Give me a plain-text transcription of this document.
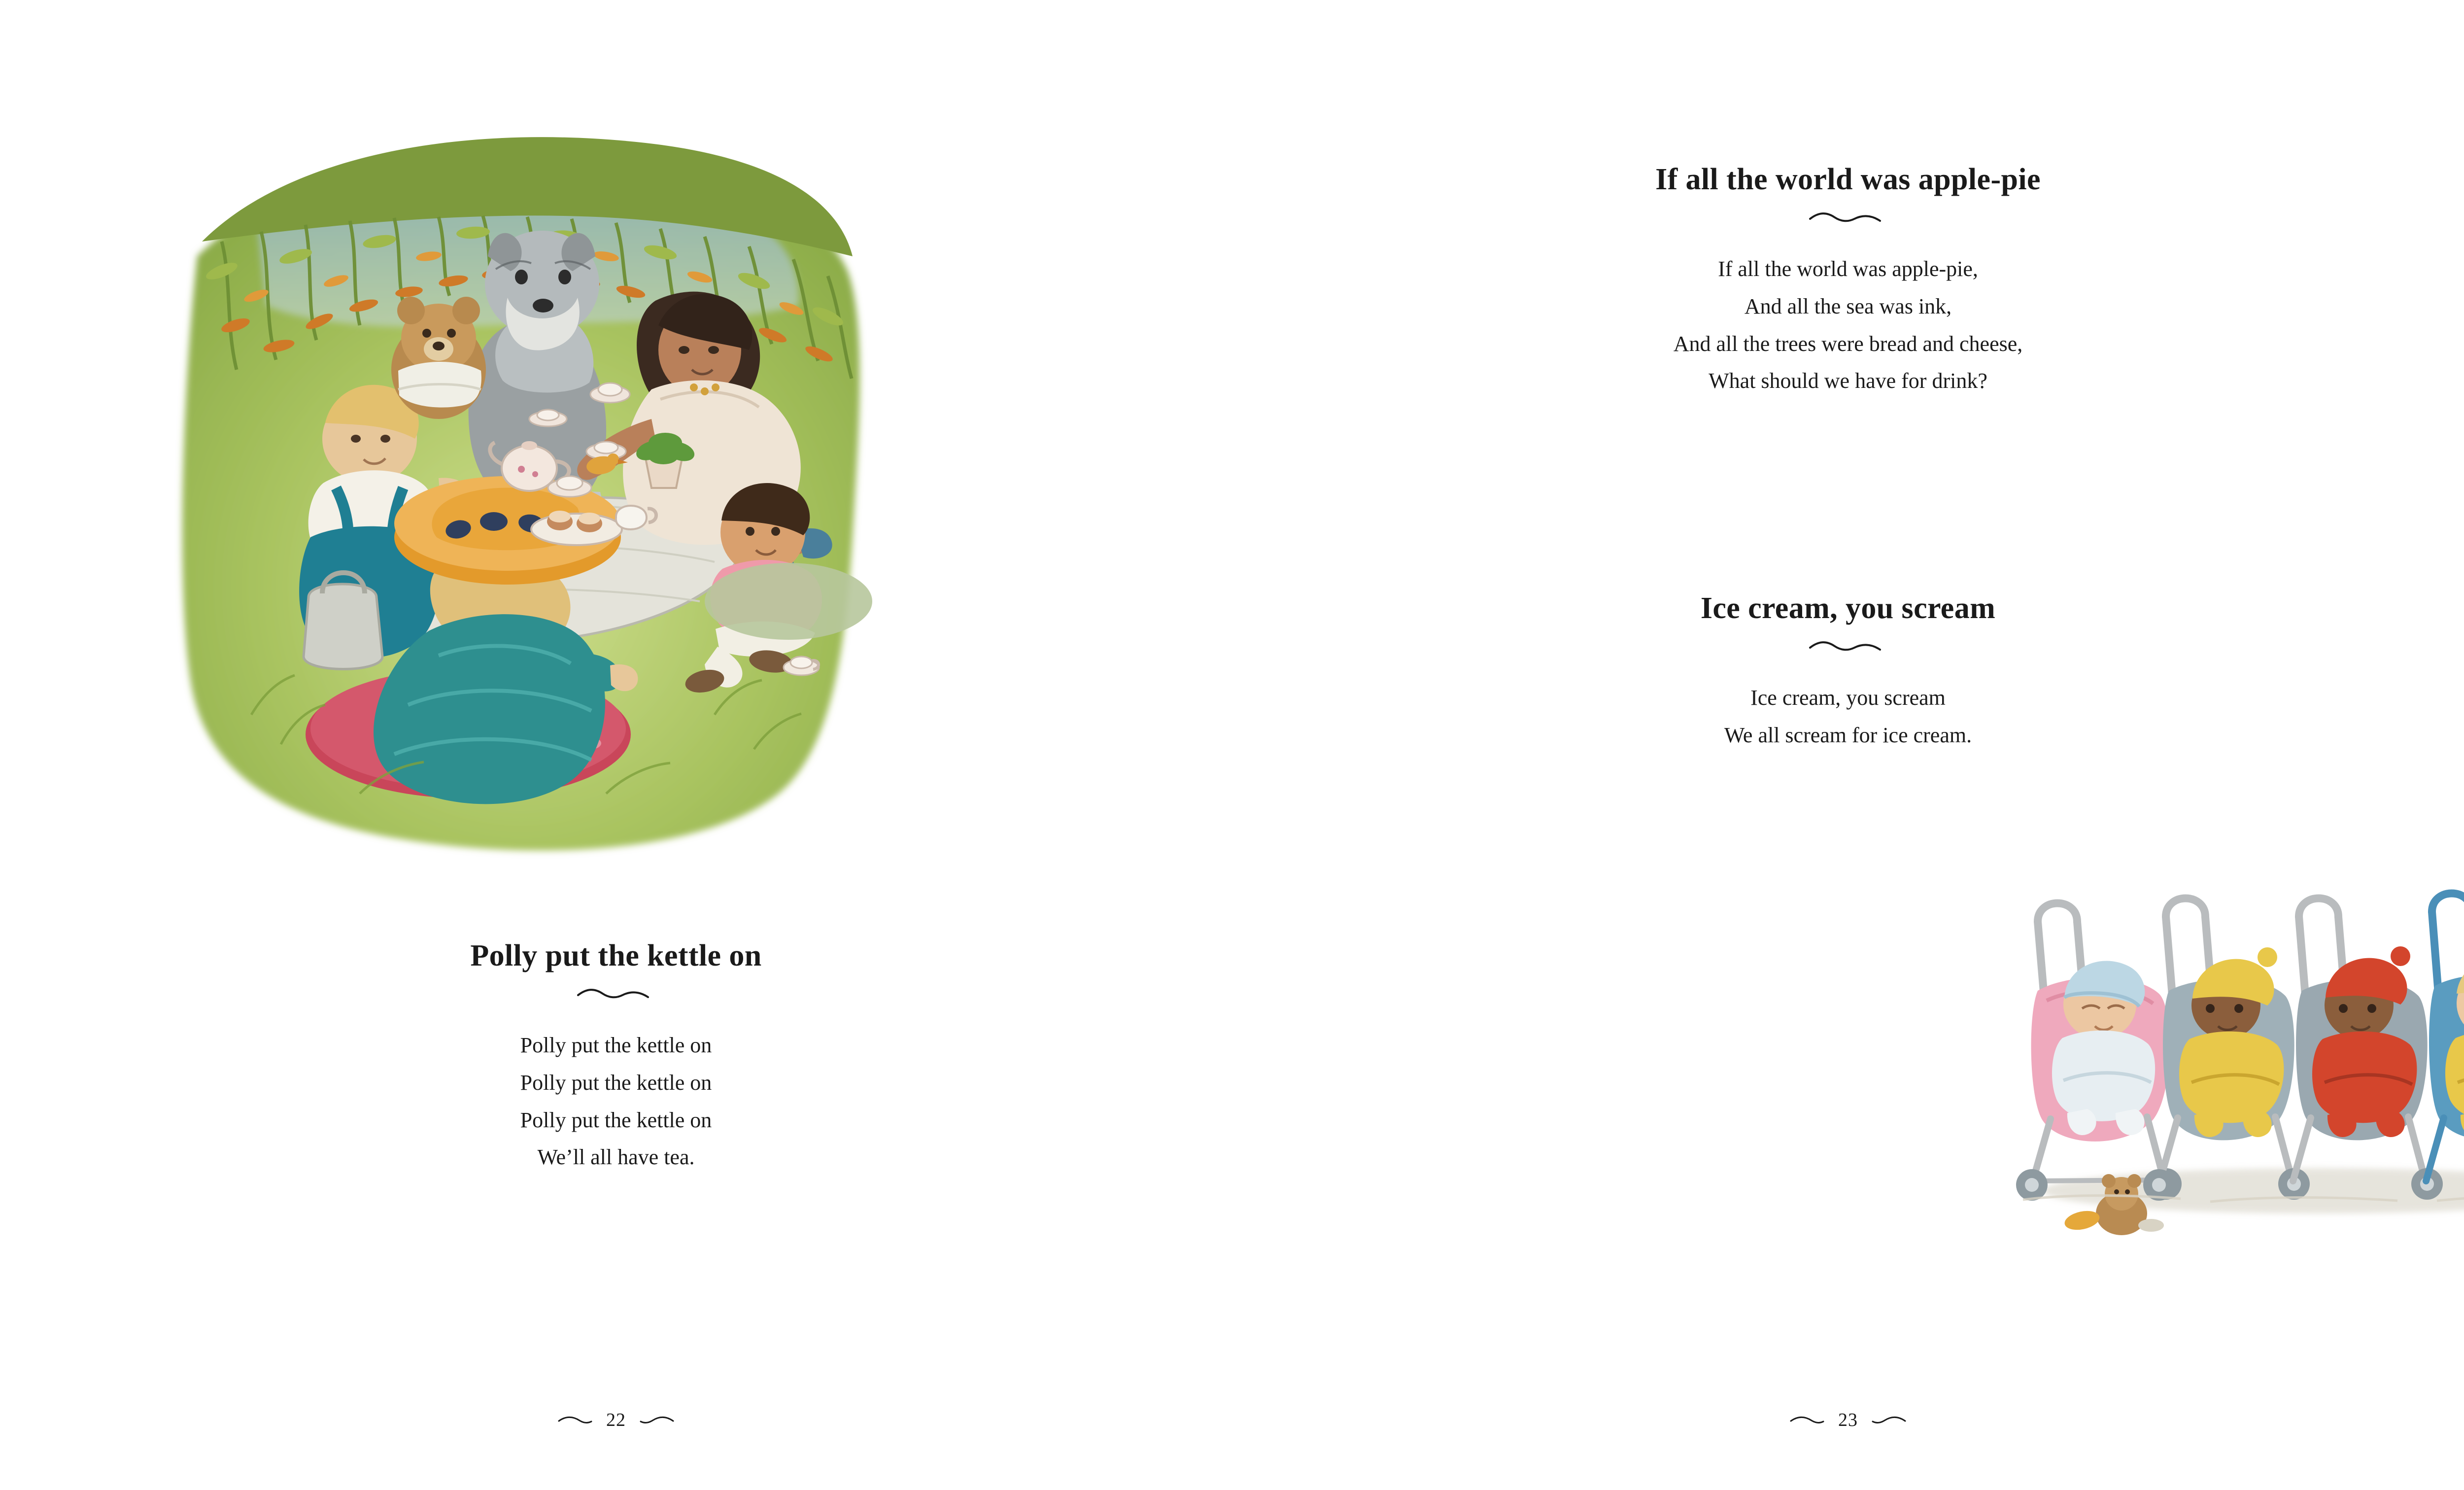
Polly put the kettle on
Polly put the kettle on
Polly put the kettle on
Polly put the kettle on
We’ll all have tea.
22
If all the world was apple-pie
If all the world was apple-pie,
And all the sea was ink,
And all the trees were bread and cheese,
What should we have for drink?
Ice cream, you scream
Ice cream, you scream
We all scream for ice cream.
23
